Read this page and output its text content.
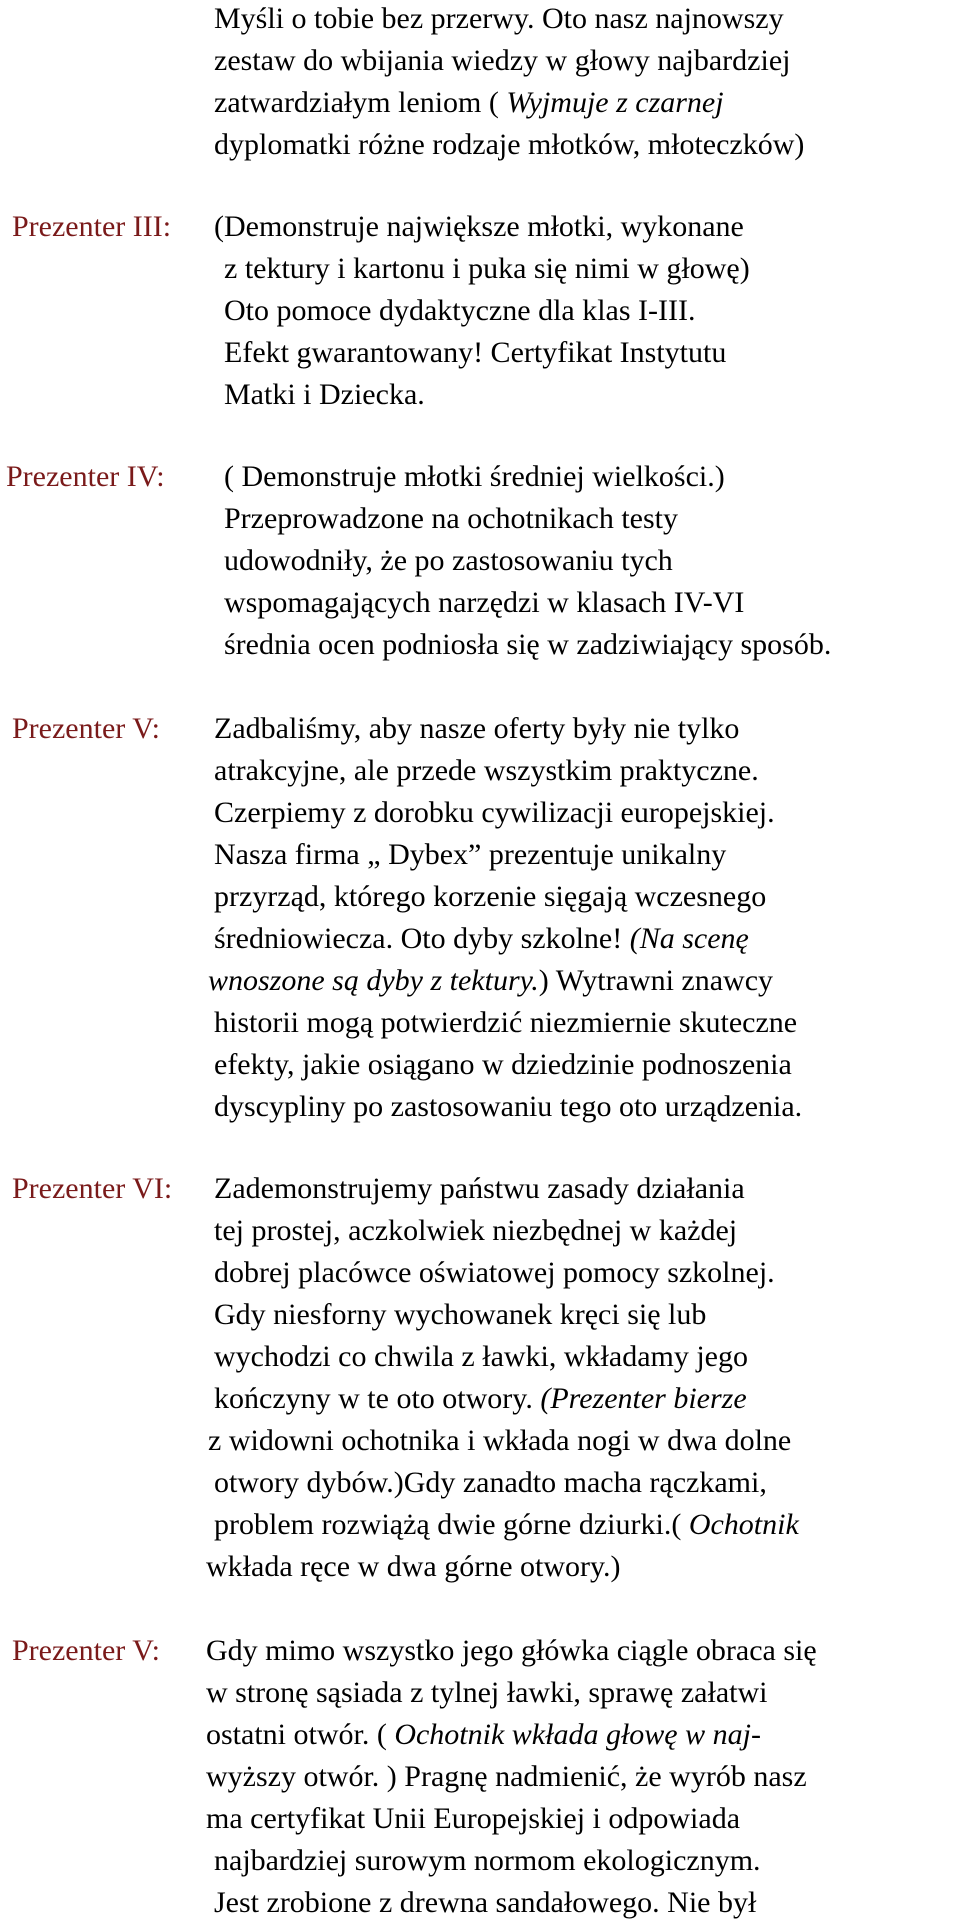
Myśli o tobie bez przerwy. Oto nasz najnowszy
zestaw do wbijania wiedzy w głowy najbardziej
zatwardziałym leniom ( Wyjmuje z czarnej
dyplomatki różne rodzaje młotków, młoteczków)
Prezenter III: (Demonstruje największe młotki, wykonane
z tektury i kartonu i puka się nimi w głowę)
Oto pomoce dydaktyczne dla klas I-III.
Efekt gwarantowany! Certyfikat Instytutu
Matki i Dziecka.
Prezenter IV: ( Demonstruje młotki średniej wielkości.)
Przeprowadzone na ochotnikach testy
udowodniły, że po zastosowaniu tych
wspomagających narzędzi w klasach IV-VI
średnia ocen podniosła się w zadziwiający sposób.
Prezenter V: Zadbaliśmy, aby nasze oferty były nie tylko
atrakcyjne, ale przede wszystkim praktyczne.
Czerpiemy z dorobku cywilizacji europejskiej.
Nasza firma „ Dybex” prezentuje unikalny
przyrząd, którego korzenie sięgają wczesnego
średniowiecza. Oto dyby szkolne! (Na scenę
wnoszone są dyby z tektury.) Wytrawni znawcy
historii mogą potwierdzić niezmiernie skuteczne
efekty, jakie osiągano w dziedzinie podnoszenia
dyscypliny po zastosowaniu tego oto urządzenia.
Prezenter VI: Zademonstrujemy państwu zasady działania
tej prostej, aczkolwiek niezbędnej w każdej
dobrej placówce oświatowej pomocy szkolnej.
Gdy niesforny wychowanek kręci się lub
wychodzi co chwila z ławki, wkładamy jego
kończyny w te oto otwory. (Prezenter bierze
z widowni ochotnika i wkłada nogi w dwa dolne
otwory dybów.)Gdy zanadto macha rączkami,
problem rozwiążą dwie górne dziurki.( Ochotnik
wkłada ręce w dwa górne otwory.)
Prezenter V: Gdy mimo wszystko jego główka ciągle obraca się
w stronę sąsiada z tylnej ławki, sprawę załatwi
ostatni otwór. ( Ochotnik wkłada głowę w naj-
wyższy otwór. ) Pragnę nadmienić, że wyrób nasz
ma certyfikat Unii Europejskiej i odpowiada
najbardziej surowym normom ekologicznym.
Jest zrobione z drewna sandałowego. Nie był
